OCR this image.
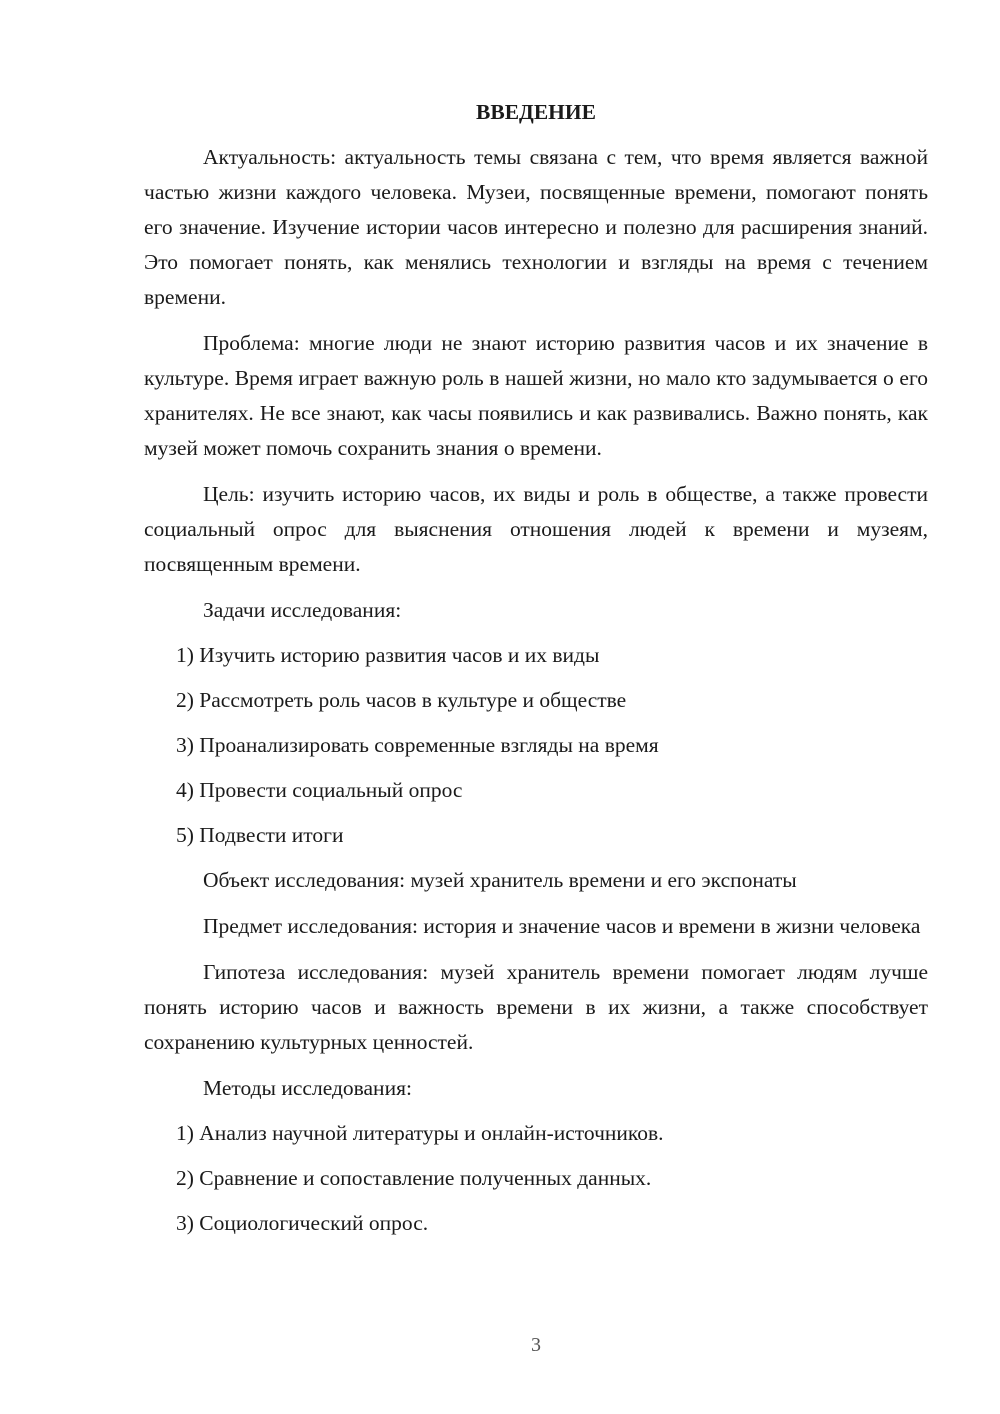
ВВЕДЕНИЕ

Актуальность: актуальность темы связана с тем, что время является важной частью жизни каждого человека. Музеи, посвященные времени, помогают понять его значение. Изучение истории часов интересно и полезно для расширения знаний. Это помогает понять, как менялись технологии и взгляды на время с течением времени.

Проблема: многие люди не знают историю развития часов и их значение в культуре. Время играет важную роль в нашей жизни, но мало кто задумывается о его хранителях. Не все знают, как часы появились и как развивались. Важно понять, как музей может помочь сохранить знания о времени.

Цель: изучить историю часов, их виды и роль в обществе, а также провести социальный опрос для выяснения отношения людей к времени и музеям, посвященным времени.

Задачи исследования:
1) Изучить историю развития часов и их виды
2) Рассмотреть роль часов в культуре и обществе
3) Проанализировать современные взгляды на время
4) Провести социальный опрос
5) Подвести итоги
Объект исследования: музей хранитель времени и его экспонаты

Предмет исследования: история и значение часов и времени в жизни человека

Гипотеза исследования: музей хранитель времени помогает людям лучше понять историю часов и важность времени в их жизни, а также способствует сохранению культурных ценностей.

Методы исследования:
1) Анализ научной литературы и онлайн-источников.
2) Сравнение и сопоставление полученных данных.
3) Социологический опрос.
3
